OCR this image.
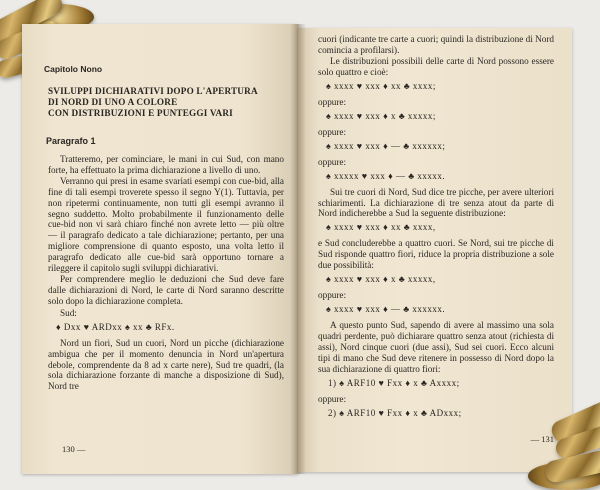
Capitolo Nono
SVILUPPI DICHIARATIVI DOPO L'APERTURA
DI NORD DI UNO A COLORE
CON DISTRIBUZIONI E PUNTEGGI VARI
Paragrafo 1

Tratteremo, per cominciare, le mani in cui Sud, con mano forte, ha effettuato la prima dichiarazione a livello di uno.

Verranno qui presi in esame svariati esempi con cue-bid, alla fine di tali esempi troverete spesso il segno Y(1). Tuttavia, per non ripetermi continuamente, non tutti gli esempi avranno il segno suddetto. Molto probabilmente il funzionamento delle cue-bid non vi sarà chiaro finché non avrete letto — più oltre — il paragrafo dedicato a tale dichiarazione; pertanto, per una migliore comprensione di quanto esposto, una volta letto il paragrafo dedicato alle cue-bid sarà opportuno tornare a rileggere il capitolo sugli sviluppi dichiarativi.

Per comprendere meglio le deduzioni che Sud deve fare dalle dichiarazioni di Nord, le carte di Nord saranno descritte solo dopo la dichiarazione completa.

Sud:
♦ Dxx ♥ ARDxx ♠ xx ♣ RFx.

Nord un fiori, Sud un cuori, Nord un picche (dichiarazione ambigua che per il momento denuncia in Nord un'apertura debole, comprendente da 8 ad x carte nere), Sud tre quadri, (la sola dichiarazione forzante di manche a disposizione di Sud), Nord tre

130 —

cuori (indicante tre carte a cuori; quindi la distribuzione di Nord comincia a profilarsi).

Le distribuzioni possibili delle carte di Nord possono essere solo quattro e cioè:

♠ xxxx ♥ xxx ♦ xx ♣ xxxx;
oppure:
♠ xxxx ♥ xxx ♦ x ♣ xxxxx;
oppure:
♠ xxxx ♥ xxx ♦ — ♣ xxxxxx;
oppure:
♠ xxxxx ♥ xxx ♦ — ♣ xxxxx.

Sui tre cuori di Nord, Sud dice tre picche, per avere ulteriori schiarimenti. La dichiarazione di tre senza atout da parte di Nord indicherebbe a Sud la seguente distribuzione:

♠ xxxx ♥ xxx ♦ xx ♣ xxxx,

e Sud concluderebbe a quattro cuori. Se Nord, sui tre picche di Sud risponde quattro fiori, riduce la propria distribuzione a sole due possibilità:

♠ xxxx ♥ xxx ♦ x ♣ xxxxx,
oppure:
♠ xxxx ♥ xxx ♦ — ♣ xxxxxx.

A questo punto Sud, sapendo di avere al massimo una sola quadri perdente, può dichiarare quattro senza atout (richiesta di assi), Nord cinque cuori (due assi), Sud sei cuori. Ecco alcuni tipi di mano che Sud deve ritenere in possesso di Nord dopo la sua dichiarazione di quattro fiori:

1) ♠ ARF10 ♥ Fxx ♦ x ♣ Axxxx;
oppure:
2) ♠ ARF10 ♥ Fxx ♦ x ♣ ADxxx;
— 131
